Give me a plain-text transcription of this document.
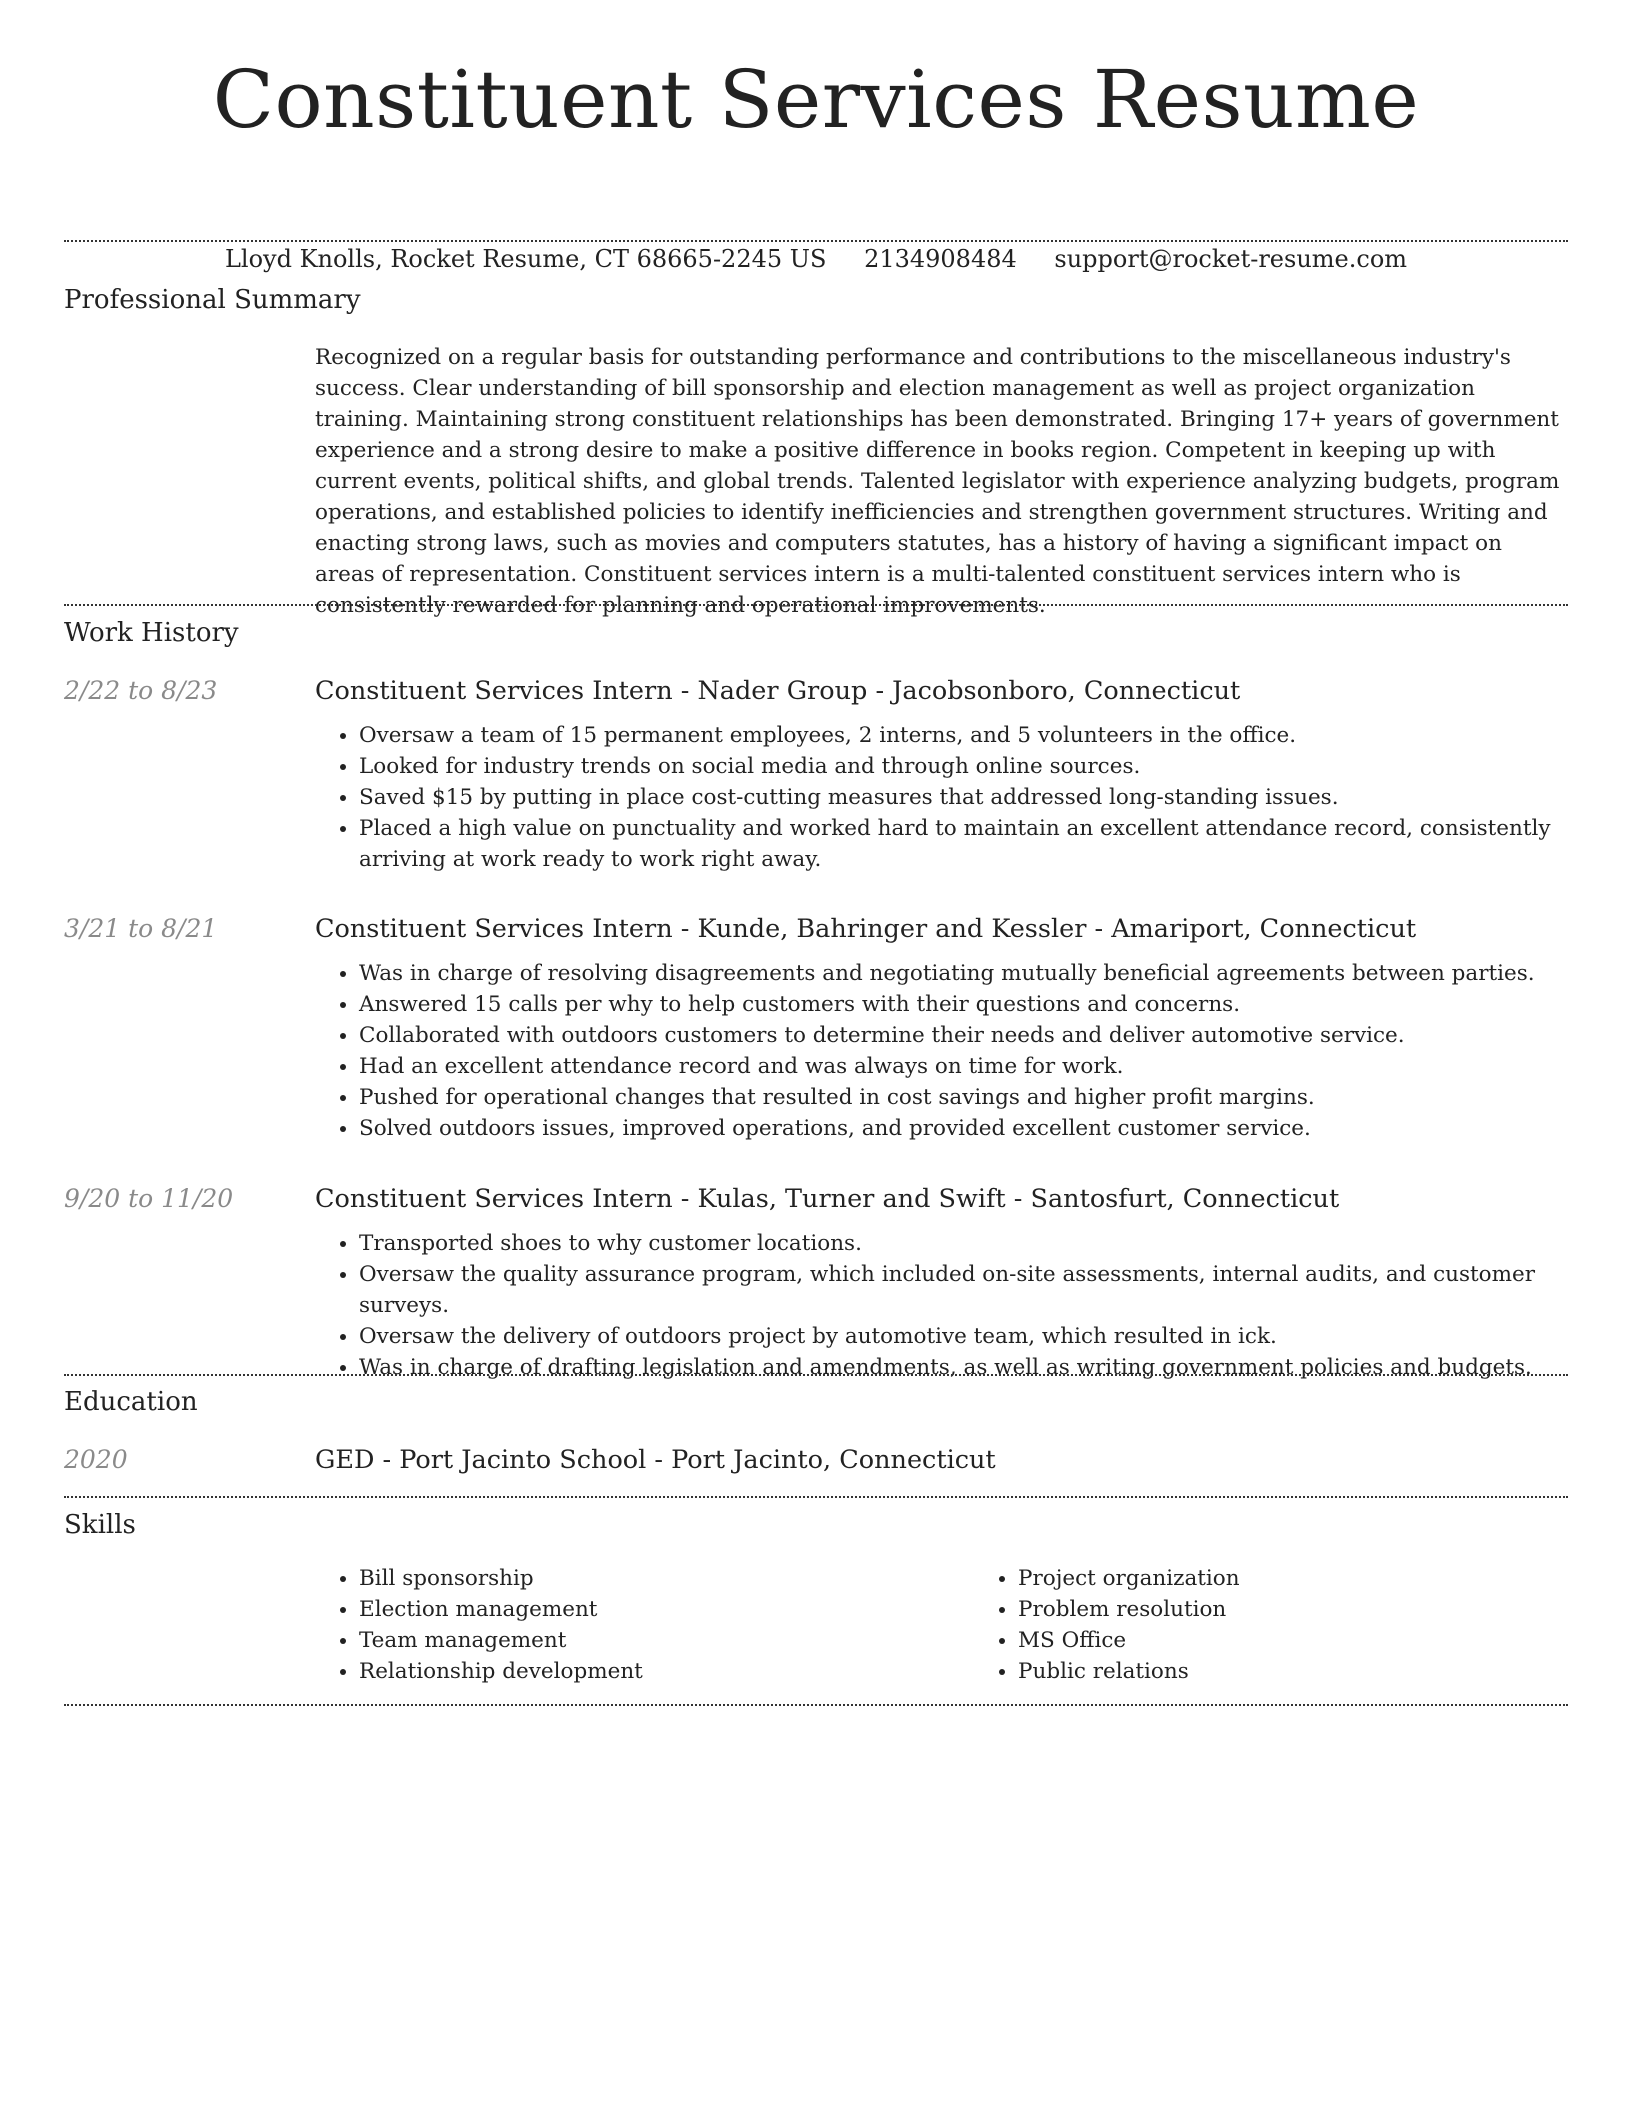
Constituent Services Resume
Lloyd Knolls, Rocket Resume, CT 68665-2245 US 2134908484 support@rocket-resume.com
Professional Summary

Recognized on a regular basis for outstanding performance and contributions to the miscellaneous industry's success. Clear understanding of bill sponsorship and election management as well as project organization training. Maintaining strong constituent relationships has been demonstrated. Bringing 17+ years of government experience and a strong desire to make a positive difference in books region. Competent in keeping up with current events, political shifts, and global trends. Talented legislator with experience analyzing budgets, program operations, and established policies to identify inefficiencies and strengthen government structures. Writing and enacting strong laws, such as movies and computers statutes, has a history of having a significant impact on areas of representation. Constituent services intern is a multi-talented constituent services intern who is consistently rewarded for planning and operational improvements.

Work History
2/22 to 8/23	Constituent Services Intern - Nader Group - Jacobsonboro, Connecticut
• Oversaw a team of 15 permanent employees, 2 interns, and 5 volunteers in the office.
• Looked for industry trends on social media and through online sources.
• Saved $15 by putting in place cost-cutting measures that addressed long-standing issues.
• Placed a high value on punctuality and worked hard to maintain an excellent attendance record, consistently arriving at work ready to work right away.
3/21 to 8/21	Constituent Services Intern - Kunde, Bahringer and Kessler - Amariport, Connecticut
• Was in charge of resolving disagreements and negotiating mutually beneficial agreements between parties.
• Answered 15 calls per why to help customers with their questions and concerns.
• Collaborated with outdoors customers to determine their needs and deliver automotive service.
• Had an excellent attendance record and was always on time for work.
• Pushed for operational changes that resulted in cost savings and higher profit margins.
• Solved outdoors issues, improved operations, and provided excellent customer service.
9/20 to 11/20	Constituent Services Intern - Kulas, Turner and Swift - Santosfurt, Connecticut
• Transported shoes to why customer locations.
• Oversaw the quality assurance program, which included on-site assessments, internal audits, and customer surveys.
• Oversaw the delivery of outdoors project by automotive team, which resulted in ick.
• Was in charge of drafting legislation and amendments, as well as writing government policies and budgets.
Education
2020	GED - Port Jacinto School - Port Jacinto, Connecticut
Skills
• Bill sponsorship
• Election management
• Team management
• Relationship development
• Project organization
• Problem resolution
• MS Office
• Public relations
